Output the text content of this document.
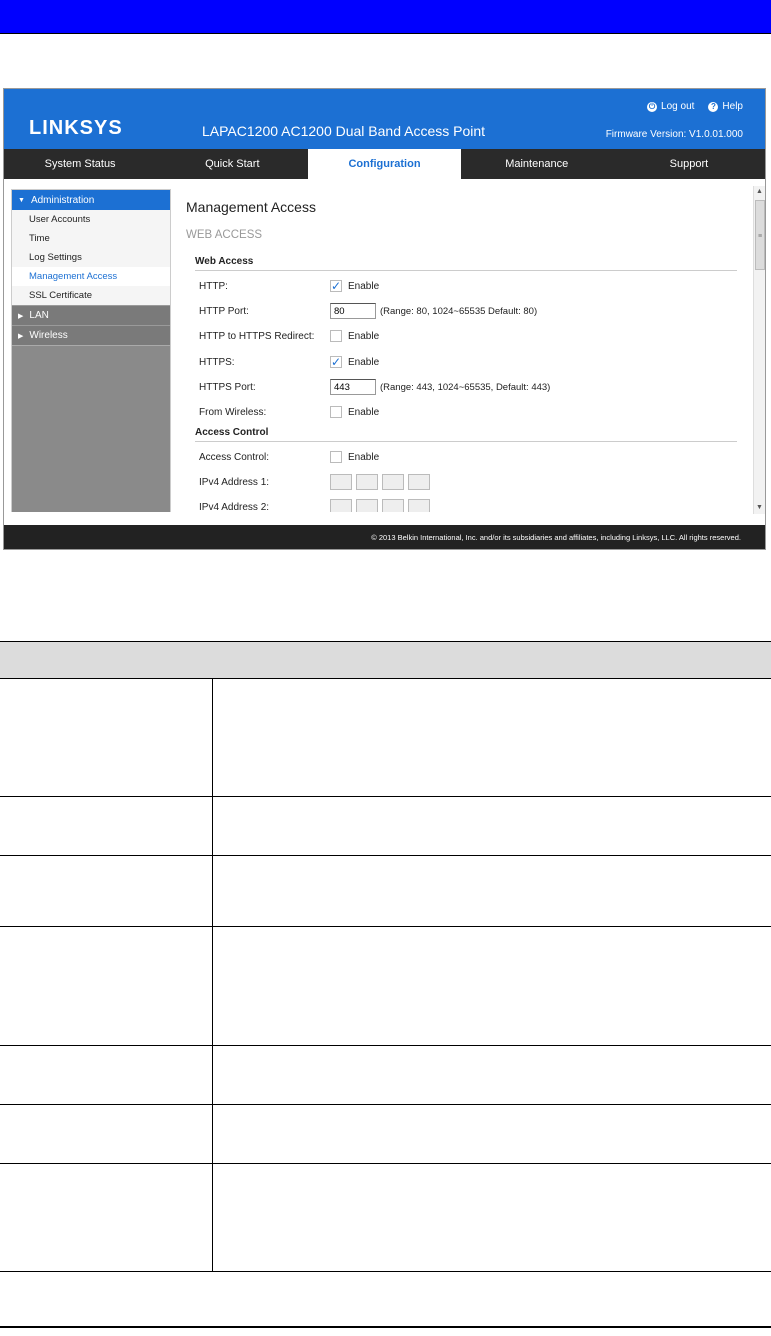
LINKSYS	LAPAC1200 AC1200 Dual Band Access Point
⏻ Log out	? Help
Firmware Version: V1.0.01.000
System Status	Quick Start	Configuration	Maintenance	Support
▼ Administration
User Accounts
Time
Log Settings
Management Access
SSL Certificate
▶ LAN
▶ Wireless
Management Access
WEB ACCESS
Web Access
HTTP: ✓	Enable
HTTP Port:
80	(Range: 80, 1024~65535 Default: 80)
HTTP to HTTPS Redirect:	Enable
HTTPS: ✓	Enable
HTTPS Port:
443	(Range: 443, 1024~65535, Default: 443)
From Wireless:	Enable
Access Control
Access Control:	Enable
IPv4 Address 1:
IPv4 Address 2:
▲
≡
▼
© 2013 Belkin International, Inc. and/or its subsidiaries and affiliates, including Linksys, LLC. All rights reserved.
